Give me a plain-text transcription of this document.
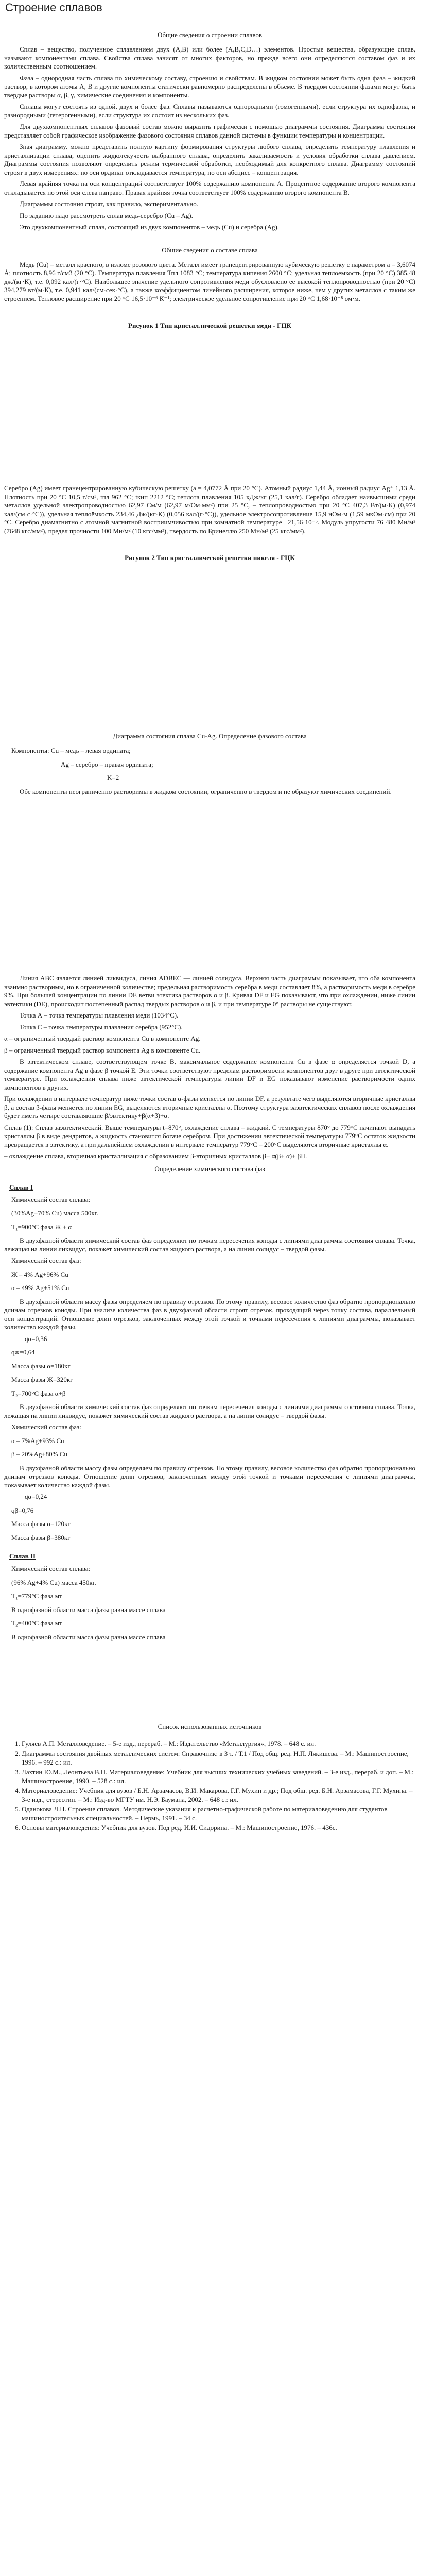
Строение сплавов
Общие сведения о строении сплавов

Сплав – вещество, полученное сплавлением двух (A,B) или более (A,B,C,D…) элементов. Простые вещества, образующие сплав, называют компонентами сплава. Свойства сплава зависят от многих факторов, но прежде всего они определяются составом фаз и их количественным соотношением.

Фаза – однородная часть сплава по химическому составу, строению и свойствам. В жидком состоянии может быть одна фаза – жидкий раствор, в котором атомы A, B и другие компоненты статически равномерно распределены в объеме. В твердом состоянии фазами могут быть твердые растворы α, β, γ, химические соединения и компоненты.

Сплавы могут состоять из одной, двух и более фаз. Сплавы называются однородными (гомогенными), если структура их однофазна, и разнородными (гетерогенными), если структура их состоит из нескольких фаз.

Для двухкомпонентных сплавов фазовый состав можно выразить графически с помощью диаграммы состояния. Диаграмма состояния представляет собой графическое изображение фазового состояния сплавов данной системы в функции температуры и концентрации.

Зная диаграмму, можно представить полную картину формирования структуры любого сплава, определить температуру плавления и кристаллизации сплава, оценить жидкотекучесть выбранного сплава, определить закаливаемость и условия обработки сплава давлением. Диаграммы состояния позволяют определить режим термической обработки, необходимый для конкретного сплава. Диаграмму состояний строят в двух измерениях: по оси ординат откладывается температура, по оси абсцисс – концентрация.

Левая крайняя точка на оси концентраций соответствует 100% содержанию компонента А. Процентное содержание второго компонента откладывается по этой оси слева направо. Правая крайняя точка соответствует 100% содержанию второго компонента В.

Диаграммы состояния строят, как правило, экспериментально.

По заданию надо рассмотреть сплав медь-серебро (Cu – Ag).

Это двухкомпонентный сплав, состоящий из двух компонентов – медь (Cu) и серебра (Ag).

Общие сведения о составе сплава

Медь (Cu) – металл красного, в изломе розового цвета. Металл имеет гранецентрированную кубическую решетку с параметром a = 3,6074 Å; плотность 8,96 г/см3 (20 °C). Температура плавления Тпл 1083 °C; температура кипения 2600 °C; удельная теплоемкость (при 20 °C) 385,48 дж/(кг·К), т.е. 0,092 кал/(г·°C). Наибольшее значение удельного сопротивления меди обусловлено ее высокой теплопроводностью (при 20 °C) 394,279 вт/(м·К), т.е. 0,941 кал/(см·сек·°C), а также коэффициентом линейного расширения, которое ниже, чем у других металлов с таким же строением. Тепловое расширение при 20 °C 16,5·10⁻⁶ К⁻¹; электрическое удельное сопротивление при 20 °C 1,68·10⁻⁸ ом·м.

Рисунок 1 Тип кристаллической решетки меди - ГЦК

Серебро (Ag) имеет гранецентрированную кубическую решетку (a = 4,0772 Å при 20 °C). Атомный радиус 1,44 Å, ионный радиус Ag⁺ 1,13 Å. Плотность при 20 °C 10,5 г/см³, tпл 962 °C; tкип 2212 °C; теплота плавления 105 кДж/кг (25,1 кал/г). Серебро обладает наивысшими среди металлов удельной электропроводностью 62,97 См/м (62,97 м/Ом·мм²) при 25 °C, – теплопроводностью при 20 °C 407,3 Вт/(м·К) (0,974 кал/(см·с·°C)), удельная теплоёмкость 234,46 Дж/(кг·К) (0,056 кал/(г·°C)), удельное электросопротивление 15,9 нОм·м (1,59 мкОм·см) при 20 °C. Серебро диамагнитно с атомной магнитной восприимчивостью при комнатной температуре −21,56·10⁻⁶. Модуль упругости 76 480 Мн/м² (7648 кгс/мм²), предел прочности 100 Мн/м² (10 кгс/мм²), твердость по Бринеллю 250 Мн/м² (25 кгс/мм²).

Рисунок 2 Тип кристаллической решетки никеля - ГЦК
Диаграмма состояния сплава Cu-Ag. Определение фазового состава
Компоненты: Cu – медь – левая ордината;
Ag – серебро – правая ордината;
K=2

Обе компоненты неограниченно растворимы в жидком состоянии, ограниченно в твердом и не образуют химических соединений.

Линия АВС является линией ликвидуса, линия АDBEC — линией солидуса. Верхняя часть диаграммы показывает, что оба компонента взаимно растворимы, но в ограниченной количестве; предельная растворимость серебра в меди составляет 8%, а растворимость меди в серебре 9%. При большей концентрации по линии DE ветви этектика растворов α и β. Кривая DF и EG показывают, что при охлаждении, ниже линии эвтектики (DE), происходит постепенный распад твердых растворов α и β, и при температуре 0° растворы не существуют.

Точка А – точка температуры плавления меди (1034°С).

Точка С – точка температуры плавления серебра (952°С).

α – ограниченный твердый раствор компонента Cu в компоненте Ag.

β – ограниченный твердый раствор компонента Ag в компоненте Cu.

В эвтектическом сплаве, соответствующем точке В, максимальное содержание компонента Cu в фазе α определяется точкой D, а содержание компонента Ag в фазе β точкой Е. Эти точки соответствуют пределам растворимости компонентов друг в друге при эвтектической температуре. При охлаждении сплава ниже эвтектической температуры линии DF и EG показывают изменение растворимости одних компонентов в других.

При охлаждении в интервале температур ниже точки состав α-фазы меняется по линии DF, а результате чего выделяются вторичные кристаллы β, а состав β-фазы меняется по линии EG, выделяются вторичные кристаллы α. Поэтому структура заэвтектических сплавов после охлаждения будет иметь четыре составляющие β/эвтектику+β(α+β)+α.

Сплав (1): Сплав заэвтектический. Выше температуры t=870°, охлаждение сплава – жидкий. С температуры 870° до 779°С начинают выпадать кристаллы β в виде дендритов, а жидкость становится богаче серебром. При достижении эвтектической температуры 779°С остаток жидкости превращается в эвтектику, а при дальнейшем охлаждении в интервале температур 779°С – 200°С выделяются вторичные кристаллы α.

– охлаждение сплава, вторичная кристаллизация с образованием β-вторичных кристаллов β+ α(β+ α)+ βII.

Определение химического состава фаз
Сплав I
Химический состав сплава:
(30%Ag+70% Cu) масса 500кг.
T₁=900°С фаза Ж + α

В двухфазной области химический состав фаз определяют по точкам пересечения коноды с линиями диаграммы состояния сплава. Точка, лежащая на линии ликвидус, покажет химический состав жидкого раствора, а на линии солидус – твердой фазы.

Химический состав фаз:
Ж – 4% Ag+96% Cu
α – 49% Ag+51% Cu

В двухфазной области массу фазы определяем по правилу отрезков. По этому правилу, весовое количество фаз обратно пропорционально длинам отрезков коноды. При анализе количества фаз в двухфазной области строят отрезок, проходящий через точку состава, параллельный оси концентраций. Отношение длин отрезков, заключенных между этой точкой и точками пересечения с линиями диаграммы, показывает количество каждой фазы.

qα=0,36
qж=0,64
Масса фазы α=180кг
Масса фазы Ж=320кг
T₂=700°С фаза α+β

В двухфазной области химический состав фаз определяют по точкам пересечения коноды с линиями диаграммы состояния сплава. Точка, лежащая на линии ликвидус, покажет химический состав жидкого раствора, а на линии солидус – твердой фазы.

Химический состав фаз:
α – 7%Ag+93% Cu
β – 20%Ag+80% Cu

В двухфазной области массу фазы определяем по правилу отрезков. По этому правилу, весовое количество фаз обратно пропорционально длинам отрезков коноды. Отношение длин отрезков, заключенных между этой точкой и точками пересечения с линиями диаграммы, показывает количество каждой фазы.

qα=0,24
qβ=0,76
Масса фазы α=120кг
Масса фазы β=380кг
Сплав II
Химический состав сплава:
(96% Ag+4% Cu) масса 450кг.
T₁=779°С фаза мт
В однофазной области масса фазы равна массе сплава
T₂=400°С фаза мт
В однофазной области масса фазы равна массе сплава
Список использованных источников
1. Гуляев А.П. Металловедение. – 5-е изд., перераб. – М.: Издательство «Металлургия», 1978. – 648 с. ил.
2. Диаграммы состояния двойных металлических систем: Справочник: в 3 т. / Т.1 / Под общ. ред. Н.П. Лякишева. – М.: Машиностроение, 1996. – 992 с.: ил.
3. Лахтин Ю.М., Леонтьева В.П. Материаловедение: Учебник для высших технических учебных заведений. – 3-е изд., перераб. и доп. – М.: Машиностроение, 1990. – 528 с.: ил.
4. Материаловедение: Учебник для вузов / Б.Н. Арзамасов, В.И. Макарова, Г.Г. Мухин и др.; Под общ. ред. Б.Н. Арзамасова, Г.Г. Мухина. – 3-е изд., стереотип. – М.: Изд-во МГТУ им. Н.Э. Баумана, 2002. – 648 с.: ил.
5. Оданокова Л.П. Строение сплавов. Методические указания к расчетно-графической работе по материаловедению для студентов машиностроительных специальностей. – Пермь, 1991. – 34 с.
6. Основы материаловедения: Учебник для вузов. Под ред. И.И. Сидорина. – М.: Машиностроение, 1976. – 436с.
